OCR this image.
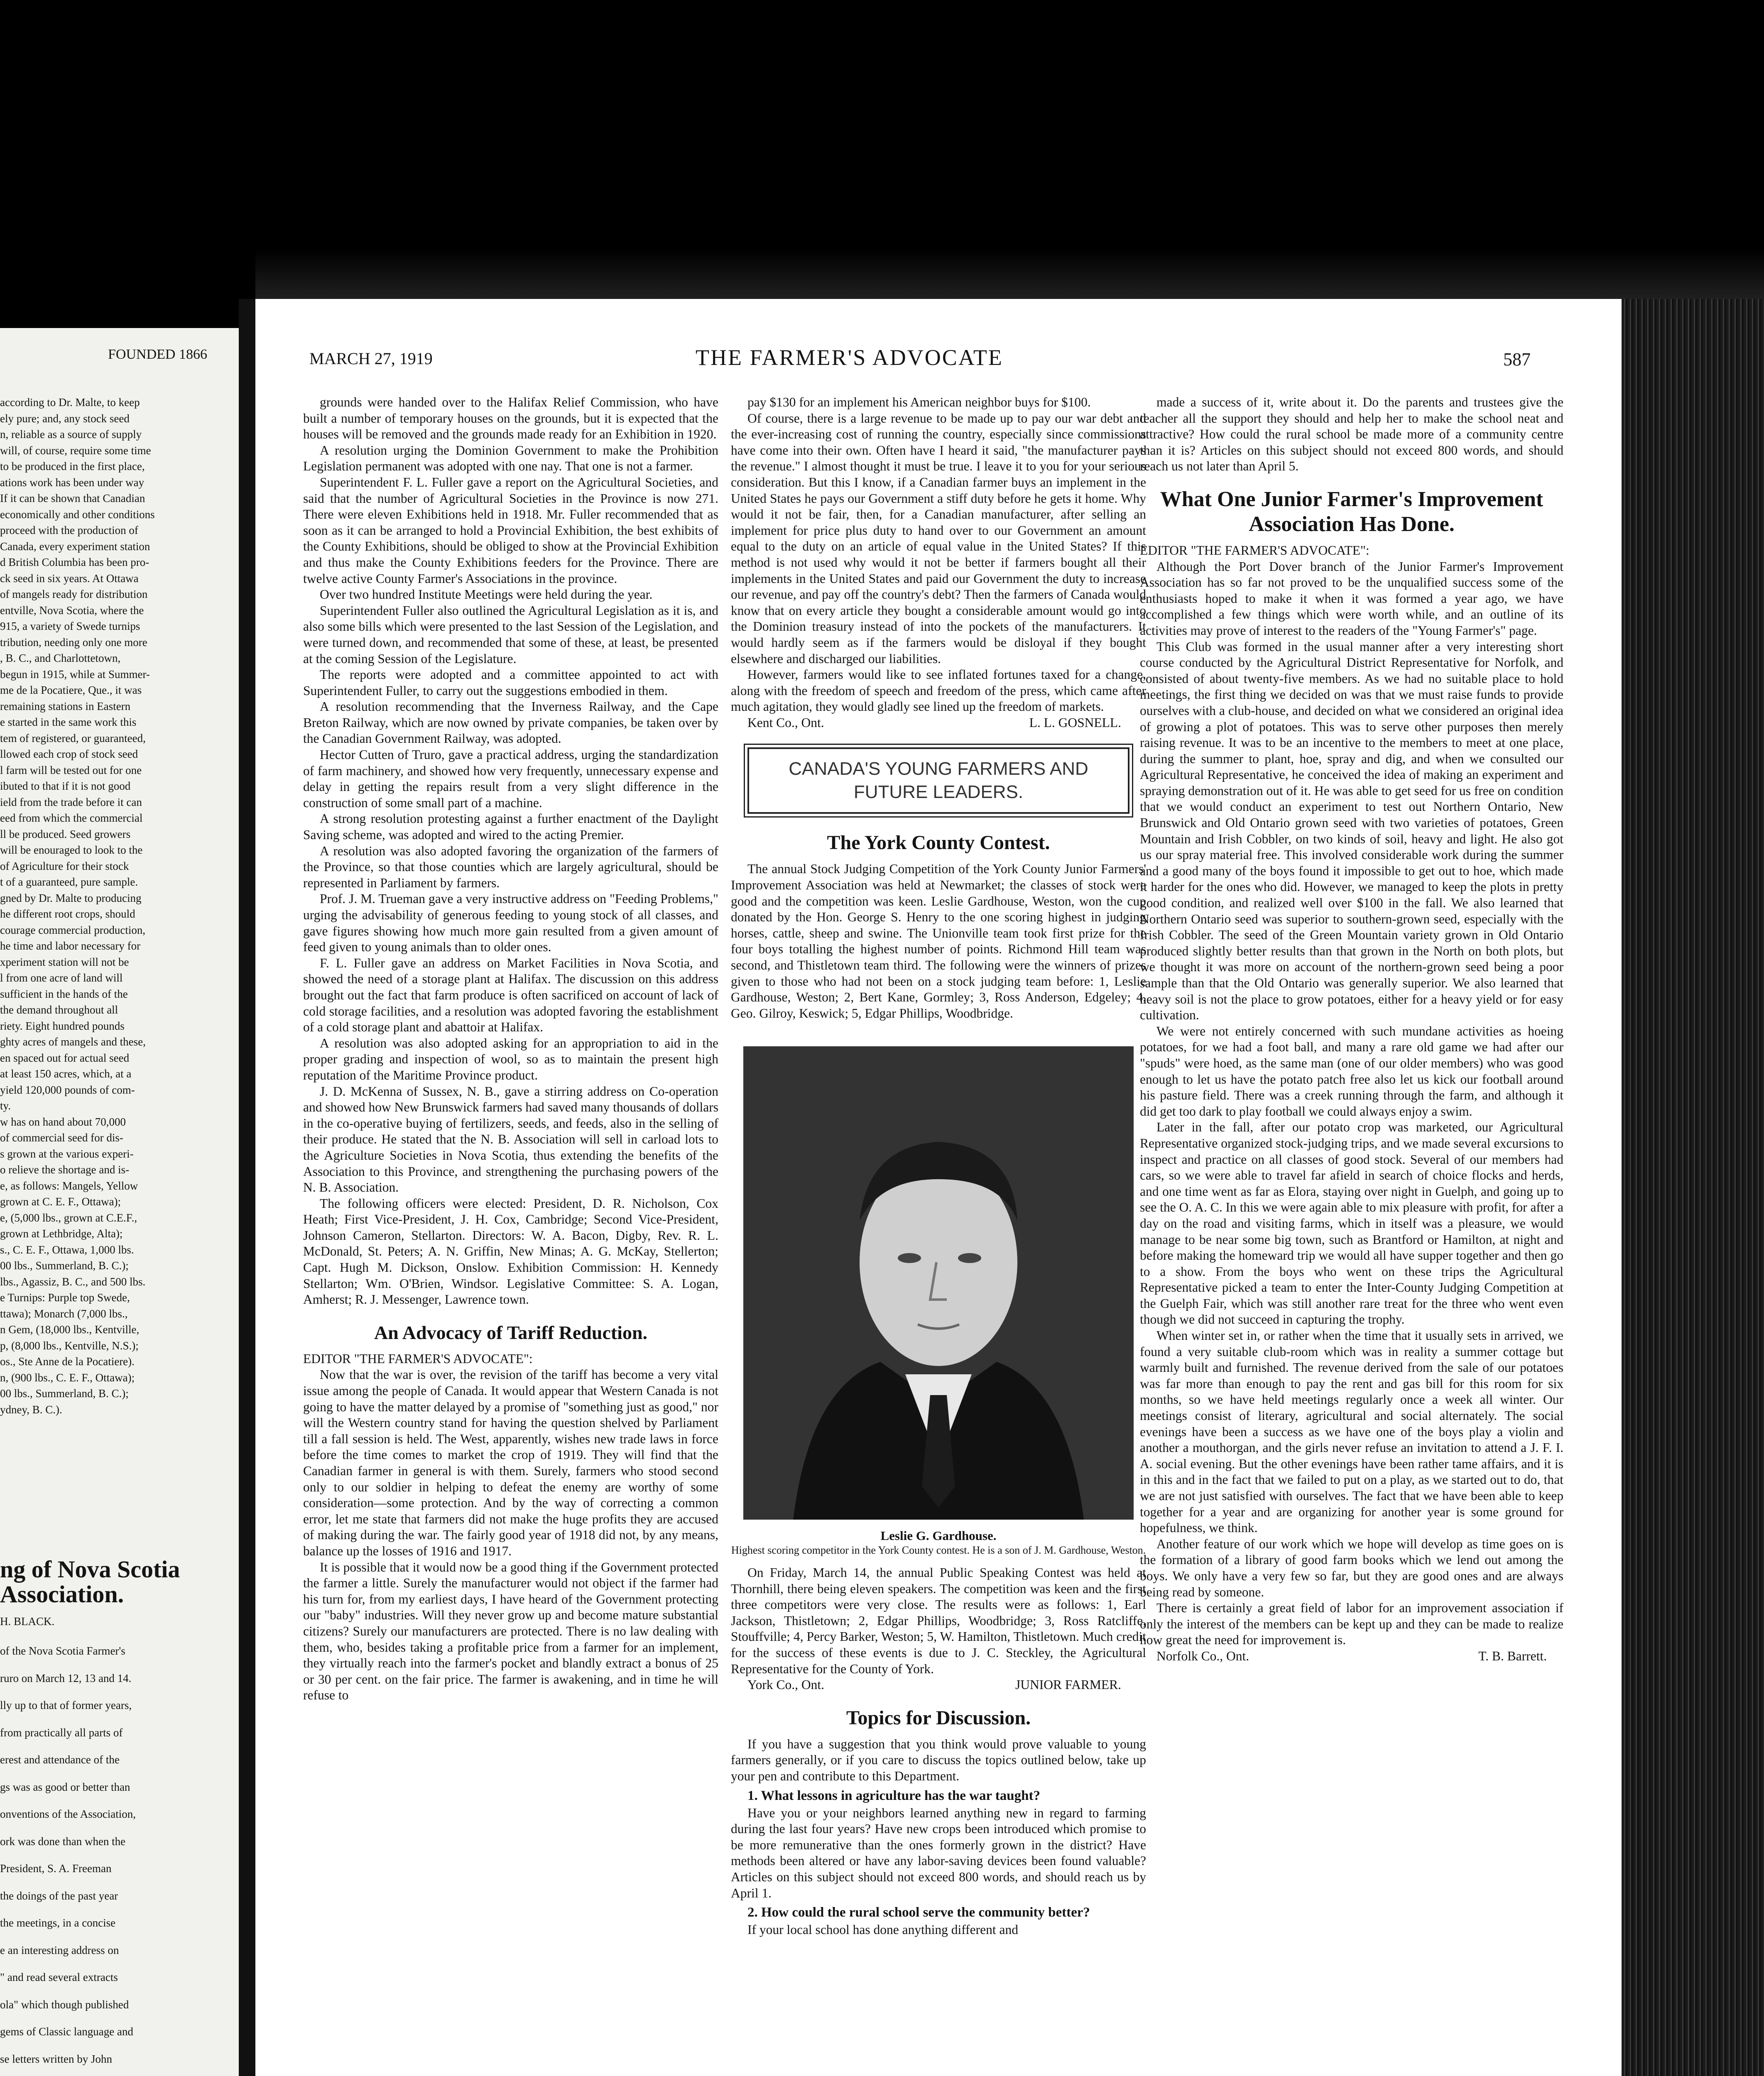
FOUNDED 1866

according to Dr. Malte, to keep

ely pure; and, any stock seed

n, reliable as a source of supply

will, of course, require some time

to be produced in the first place,

ations work has been under way

If it can be shown that Canadian

economically and other conditions

proceed with the production of

Canada, every experiment station

d British Columbia has been pro-

ck seed in six years. At Ottawa

of mangels ready for distribution

entville, Nova Scotia, where the

915, a variety of Swede turnips

tribution, needing only one more

, B. C., and Charlottetown,

begun in 1915, while at Summer-

me de la Pocatiere, Que., it was

remaining stations in Eastern

e started in the same work this

tem of registered, or guaranteed,

llowed each crop of stock seed

l farm will be tested out for one

ibuted to that if it is not good

ield from the trade before it can

eed from which the commercial

ll be produced. Seed growers

will be enouraged to look to the

of Agriculture for their stock

t of a guaranteed, pure sample.

gned by Dr. Malte to producing

he different root crops, should

courage commercial production,

he time and labor necessary for

xperiment station will not be

l from one acre of land will

sufficient in the hands of the

the demand throughout all

riety. Eight hundred pounds

ghty acres of mangels and these,

en spaced out for actual seed

at least 150 acres, which, at a

yield 120,000 pounds of com-

ty.

w has on hand about 70,000

of commercial seed for dis-

s grown at the various experi-

o relieve the shortage and is-

e, as follows: Mangels, Yellow

grown at C. E. F., Ottawa);

e, (5,000 lbs., grown at C.E.F.,

grown at Lethbridge, Alta);

s., C. E. F., Ottawa, 1,000 lbs.

00 lbs., Summerland, B. C.);

lbs., Agassiz, B. C., and 500 lbs.

e Turnips: Purple top Swede,

ttawa); Monarch (7,000 lbs.,

n Gem, (18,000 lbs., Kentville,

p, (8,000 lbs., Kentville, N.S.);

os., Ste Anne de la Pocatiere).

n, (900 lbs., C. E. F., Ottawa);

00 lbs., Summerland, B. C.);

ydney, B. C.).

ng of Nova Scotia Association.
H. BLACK.

of the Nova Scotia Farmer's

ruro on March 12, 13 and 14.

lly up to that of former years,

from practically all parts of

erest and attendance of the

gs was as good or better than

onventions of the Association,

ork was done than when the

President, S. A. Freeman

the doings of the past year

the meetings, in a concise

e an interesting address on

" and read several extracts

ola" which though published

gems of Classic language and

se letters written by John

MARCH 27, 1919	THE FARMER'S ADVOCATE	587

grounds were handed over to the Halifax Relief Commission, who have built a number of temporary houses on the grounds, but it is expected that the houses will be removed and the grounds made ready for an Exhibition in 1920.

A resolution urging the Dominion Government to make the Prohibition Legislation permanent was adopted with one nay. That one is not a farmer.

Superintendent F. L. Fuller gave a report on the Agricultural Societies, and said that the number of Agricultural Societies in the Province is now 271. There were eleven Exhibitions held in 1918. Mr. Fuller recommended that as soon as it can be arranged to hold a Provincial Exhibition, the best exhibits of the County Exhibitions, should be obliged to show at the Provincial Exhibition and thus make the County Exhibitions feeders for the Province. There are twelve active County Farmer's Associations in the province.

Over two hundred Institute Meetings were held during the year.

Superintendent Fuller also outlined the Agricultural Legislation as it is, and also some bills which were presented to the last Session of the Legislation, and were turned down, and recommended that some of these, at least, be presented at the coming Session of the Legislature.

The reports were adopted and a committee appointed to act with Superintendent Fuller, to carry out the suggestions embodied in them.

A resolution recommending that the Inverness Railway, and the Cape Breton Railway, which are now owned by private companies, be taken over by the Canadian Government Railway, was adopted.

Hector Cutten of Truro, gave a practical address, urging the standardization of farm machinery, and showed how very frequently, unnecessary expense and delay in getting the repairs result from a very slight difference in the construction of some small part of a machine.

A strong resolution protesting against a further enactment of the Daylight Saving scheme, was adopted and wired to the acting Premier.

A resolution was also adopted favoring the organization of the farmers of the Province, so that those counties which are largely agricultural, should be represented in Parliament by farmers.

Prof. J. M. Trueman gave a very instructive address on "Feeding Problems," urging the advisability of generous feeding to young stock of all classes, and gave figures showing how much more gain resulted from a given amount of feed given to young animals than to older ones.

F. L. Fuller gave an address on Market Facilities in Nova Scotia, and showed the need of a storage plant at Halifax. The discussion on this address brought out the fact that farm produce is often sacrificed on account of lack of cold storage facilities, and a resolution was adopted favoring the establishment of a cold storage plant and abattoir at Halifax.

A resolution was also adopted asking for an appropriation to aid in the proper grading and inspection of wool, so as to maintain the present high reputation of the Maritime Province product.

J. D. McKenna of Sussex, N. B., gave a stirring address on Co-operation and showed how New Brunswick farmers had saved many thousands of dollars in the co-operative buying of fertilizers, seeds, and feeds, also in the selling of their produce. He stated that the N. B. Association will sell in carload lots to the Agriculture Societies in Nova Scotia, thus extending the benefits of the Association to this Province, and strengthening the purchasing powers of the N. B. Association.

The following officers were elected: President, D. R. Nicholson, Cox Heath; First Vice-President, J. H. Cox, Cambridge; Second Vice-President, Johnson Cameron, Stellarton. Directors: W. A. Bacon, Digby, Rev. R. L. McDonald, St. Peters; A. N. Griffin, New Minas; A. G. McKay, Stellerton; Capt. Hugh M. Dickson, Onslow. Exhibition Commission: H. Kennedy Stellarton; Wm. O'Brien, Windsor. Legislative Committee: S. A. Logan, Amherst; R. J. Messenger, Lawrence town.

An Advocacy of Tariff Reduction.

EDITOR "THE FARMER'S ADVOCATE":

Now that the war is over, the revision of the tariff has become a very vital issue among the people of Canada. It would appear that Western Canada is not going to have the matter delayed by a promise of "something just as good," nor will the Western country stand for having the question shelved by Parliament till a fall session is held. The West, apparently, wishes new trade laws in force before the time comes to market the crop of 1919. They will find that the Canadian farmer in general is with them. Surely, farmers who stood second only to our soldier in helping to defeat the enemy are worthy of some consideration—some protection. And by the way of correcting a common error, let me state that farmers did not make the huge profits they are accused of making during the war. The fairly good year of 1918 did not, by any means, balance up the losses of 1916 and 1917.

It is possible that it would now be a good thing if the Government protected the farmer a little. Surely the manufacturer would not object if the farmer had his turn for, from my earliest days, I have heard of the Government protecting our "baby" industries. Will they never grow up and become mature substantial citizens? Surely our manufacturers are protected. There is no law dealing with them, who, besides taking a profitable price from a farmer for an implement, they virtually reach into the farmer's pocket and blandly extract a bonus of 25 or 30 per cent. on the fair price. The farmer is awakening, and in time he will refuse to

pay $130 for an implement his American neighbor buys for $100.

Of course, there is a large revenue to be made up to pay our war debt and the ever-increasing cost of running the country, especially since commissions have come into their own. Often have I heard it said, "the manufacturer pays the revenue." I almost thought it must be true. I leave it to you for your serious consideration. But this I know, if a Canadian farmer buys an implement in the United States he pays our Government a stiff duty before he gets it home. Why would it not be fair, then, for a Canadian manufacturer, after selling an implement for price plus duty to hand over to our Government an amount equal to the duty on an article of equal value in the United States? If this method is not used why would it not be better if farmers bought all their implements in the United States and paid our Government the duty to increase our revenue, and pay off the country's debt? Then the farmers of Canada would know that on every article they bought a considerable amount would go into the Dominion treasury instead of into the pockets of the manufacturers. It would hardly seem as if the farmers would be disloyal if they bought elsewhere and discharged our liabilities.

However, farmers would like to see inflated fortunes taxed for a change, along with the freedom of speech and freedom of the press, which came after much agitation, they would gladly see lined up the freedom of markets.

Kent Co., Ont.	L. L. GOSNELL.
CANADA'S YOUNG FARMERS AND FUTURE LEADERS.
The York County Contest.

The annual Stock Judging Competition of the York County Junior Farmers' Improvement Association was held at Newmarket; the classes of stock were good and the competition was keen. Leslie Gardhouse, Weston, won the cup donated by the Hon. George S. Henry to the one scoring highest in judging horses, cattle, sheep and swine. The Unionville team took first prize for the four boys totalling the highest number of points. Richmond Hill team was second, and Thistletown team third. The following were the winners of prizes given to those who had not been on a stock judging team before: 1, Leslie Gardhouse, Weston; 2, Bert Kane, Gormley; 3, Ross Anderson, Edgeley; 4, Geo. Gilroy, Keswick; 5, Edgar Phillips, Woodbridge.

Leslie G. Gardhouse.
Highest scoring competitor in the York County contest. He is a son of J. M. Gardhouse, Weston.

On Friday, March 14, the annual Public Speaking Contest was held at Thornhill, there being eleven speakers. The competition was keen and the first three competitors were very close. The results were as follows: 1, Earl Jackson, Thistletown; 2, Edgar Phillips, Woodbridge; 3, Ross Ratcliffe, Stouffville; 4, Percy Barker, Weston; 5, W. Hamilton, Thistletown. Much credit for the success of these events is due to J. C. Steckley, the Agricultural Representative for the County of York.

York Co., Ont.	JUNIOR FARMER.
Topics for Discussion.

If you have a suggestion that you think would prove valuable to young farmers generally, or if you care to discuss the topics outlined below, take up your pen and contribute to this Department.

1. What lessons in agriculture has the war taught?

Have you or your neighbors learned anything new in regard to farming during the last four years? Have new crops been introduced which promise to be more remunerative than the ones formerly grown in the district? Have methods been altered or have any labor-saving devices been found valuable? Articles on this subject should not exceed 800 words, and should reach us by April 1.

2. How could the rural school serve the community better?

If your local school has done anything different and

made a success of it, write about it. Do the parents and trustees give the teacher all the support they should and help her to make the school neat and attractive? How could the rural school be made more of a community centre than it is? Articles on this subject should not exceed 800 words, and should reach us not later than April 5.

What One Junior Farmer's Improvement Association Has Done.

EDITOR "THE FARMER'S ADVOCATE":

Although the Port Dover branch of the Junior Farmer's Improvement Association has so far not proved to be the unqualified success some of the enthusiasts hoped to make it when it was formed a year ago, we have accomplished a few things which were worth while, and an outline of its activities may prove of interest to the readers of the "Young Farmer's" page.

This Club was formed in the usual manner after a very interesting short course conducted by the Agricultural District Representative for Norfolk, and consisted of about twenty-five members. As we had no suitable place to hold meetings, the first thing we decided on was that we must raise funds to provide ourselves with a club-house, and decided on what we considered an original idea of growing a plot of potatoes. This was to serve other purposes then merely raising revenue. It was to be an incentive to the members to meet at one place, during the summer to plant, hoe, spray and dig, and when we consulted our Agricultural Representative, he conceived the idea of making an experiment and spraying demonstration out of it. He was able to get seed for us free on condition that we would conduct an experiment to test out Northern Ontario, New Brunswick and Old Ontario grown seed with two varieties of potatoes, Green Mountain and Irish Cobbler, on two kinds of soil, heavy and light. He also got us our spray material free. This involved considerable work during the summer and a good many of the boys found it impossible to get out to hoe, which made it harder for the ones who did. However, we managed to keep the plots in pretty good condition, and realized well over $100 in the fall. We also learned that Northern Ontario seed was superior to southern-grown seed, especially with the Irish Cobbler. The seed of the Green Mountain variety grown in Old Ontario produced slightly better results than that grown in the North on both plots, but we thought it was more on account of the northern-grown seed being a poor sample than that the Old Ontario was generally superior. We also learned that heavy soil is not the place to grow potatoes, either for a heavy yield or for easy cultivation.

We were not entirely concerned with such mundane activities as hoeing potatoes, for we had a foot ball, and many a rare old game we had after our "spuds" were hoed, as the same man (one of our older members) who was good enough to let us have the potato patch free also let us kick our football around his pasture field. There was a creek running through the farm, and although it did get too dark to play football we could always enjoy a swim.

Later in the fall, after our potato crop was marketed, our Agricultural Representative organized stock-judging trips, and we made several excursions to inspect and practice on all classes of good stock. Several of our members had cars, so we were able to travel far afield in search of choice flocks and herds, and one time went as far as Elora, staying over night in Guelph, and going up to see the O. A. C. In this we were again able to mix pleasure with profit, for after a day on the road and visiting farms, which in itself was a pleasure, we would manage to be near some big town, such as Brantford or Hamilton, at night and before making the homeward trip we would all have supper together and then go to a show. From the boys who went on these trips the Agricultural Representative picked a team to enter the Inter-County Judging Competition at the Guelph Fair, which was still another rare treat for the three who went even though we did not succeed in capturing the trophy.

When winter set in, or rather when the time that it usually sets in arrived, we found a very suitable club-room which was in reality a summer cottage but warmly built and furnished. The revenue derived from the sale of our potatoes was far more than enough to pay the rent and gas bill for this room for six months, so we have held meetings regularly once a week all winter. Our meetings consist of literary, agricultural and social alternately. The social evenings have been a success as we have one of the boys play a violin and another a mouthorgan, and the girls never refuse an invitation to attend a J. F. I. A. social evening. But the other evenings have been rather tame affairs, and it is in this and in the fact that we failed to put on a play, as we started out to do, that we are not just satisfied with ourselves. The fact that we have been able to keep together for a year and are organizing for another year is some ground for hopefulness, we think.

Another feature of our work which we hope will develop as time goes on is the formation of a library of good farm books which we lend out among the boys. We only have a very few so far, but they are good ones and are always being read by someone.

There is certainly a great field of labor for an improvement association if only the interest of the members can be kept up and they can be made to realize how great the need for improvement is.

Norfolk Co., Ont.	T. B. Barrett.
